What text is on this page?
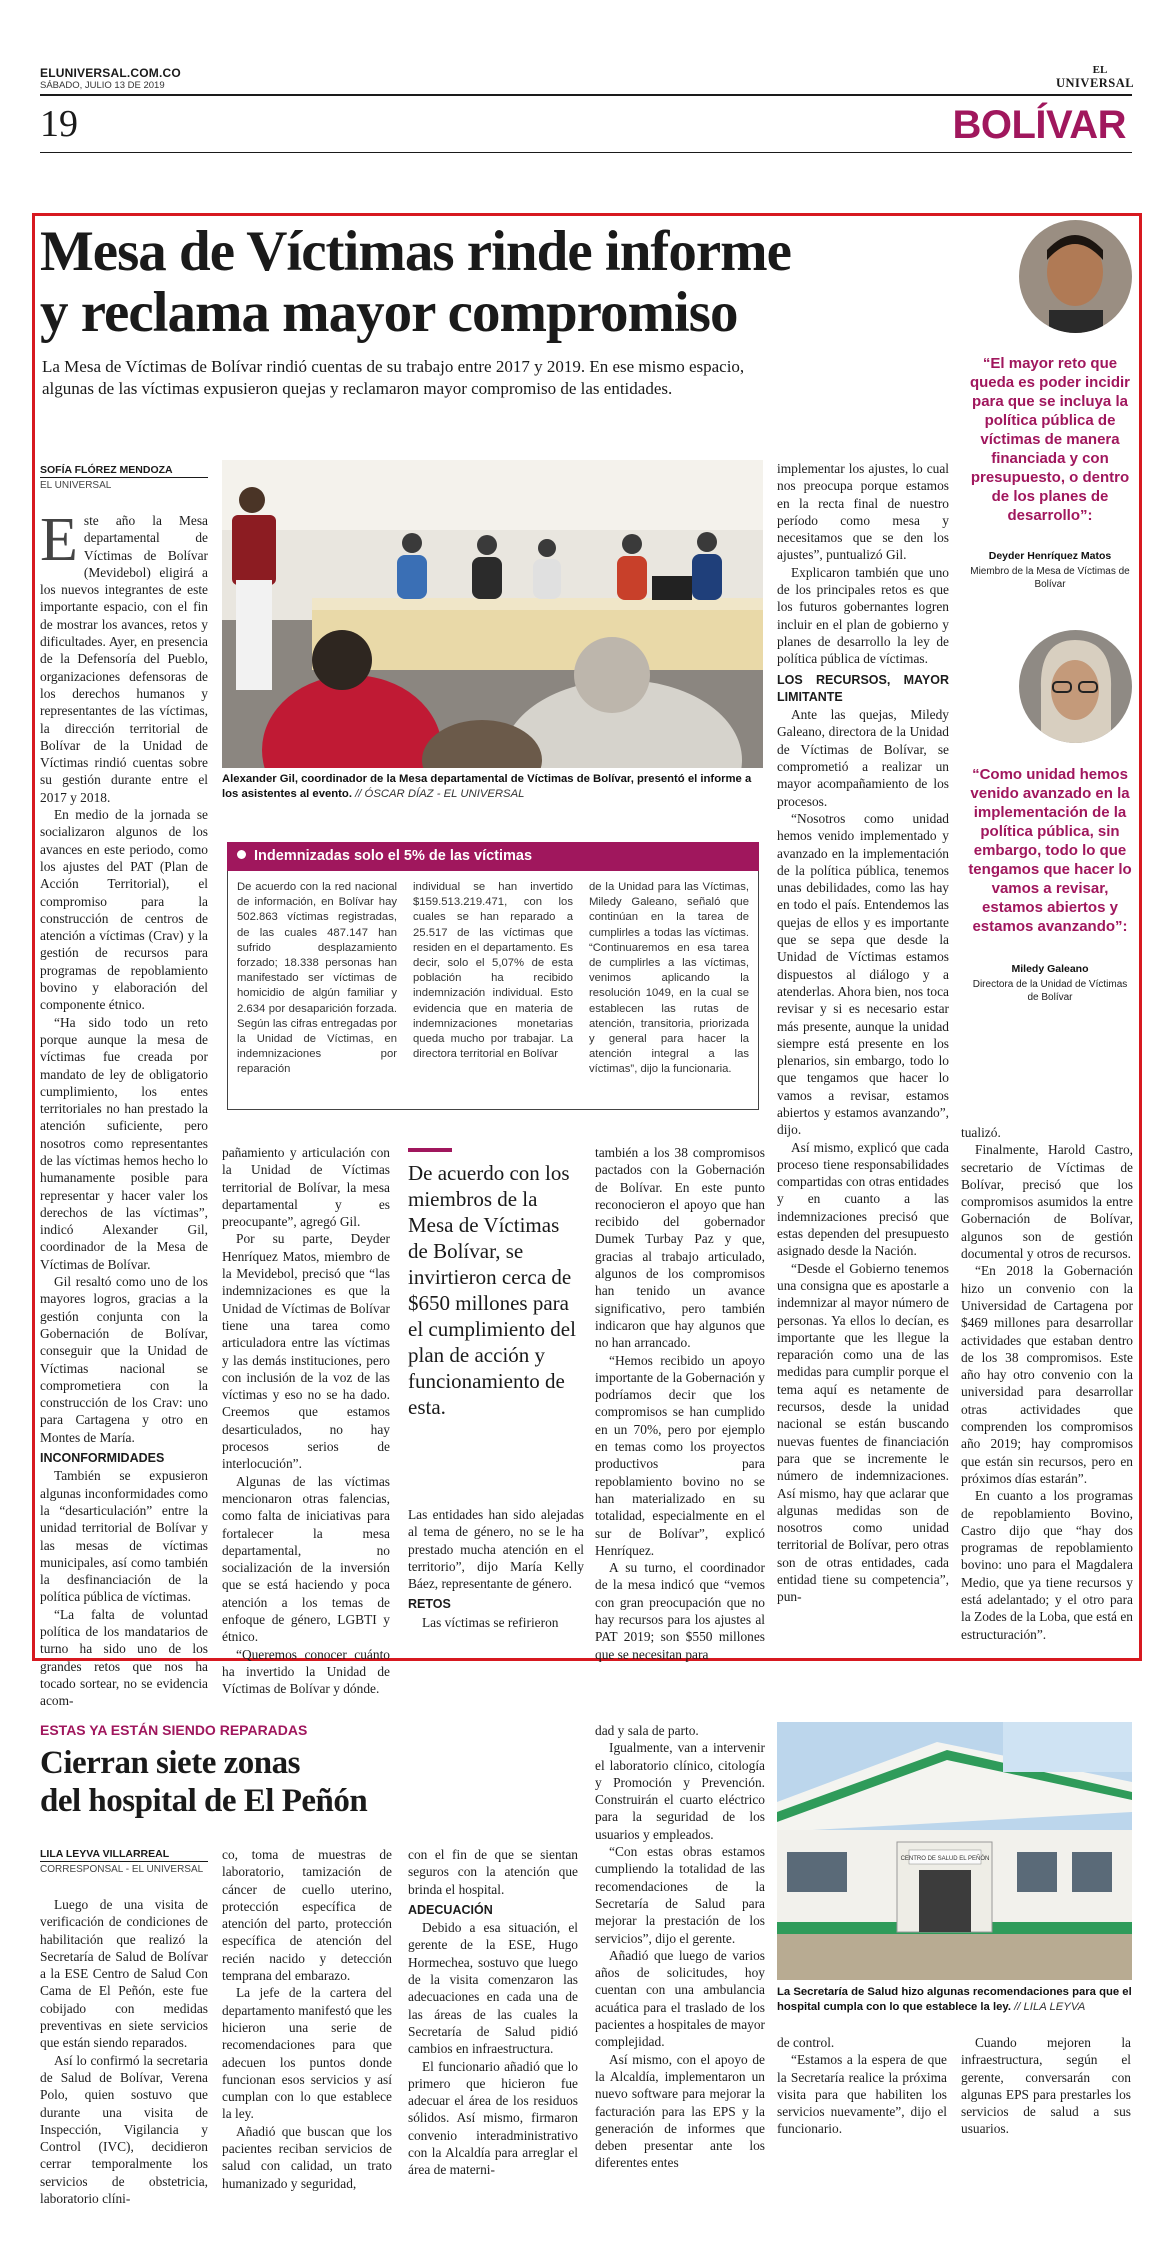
ELUNIVERSAL.COM.CO
SÁBADO, JULIO 13 DE 2019
EL
UNIVERSAL
19	BOLÍVAR
Mesa de Víctimas rinde informe
y reclama mayor compromiso
La Mesa de Víctimas de Bolívar rindió cuentas de su trabajo entre 2017 y 2019. En ese mismo espacio,
algunas de las víctimas expusieron quejas y reclamaron mayor compromiso de las entidades.
SOFÍA FLÓREZ MENDOZA
EL UNIVERSAL

Este año la Mesa departamental de Víctimas de Bolívar (Mevidebol) eligirá a los nuevos integrantes de este importante espacio, con el fin de mostrar los avances, retos y dificultades. Ayer, en presencia de la Defensoría del Pueblo, organizaciones defensoras de los derechos humanos y representantes de las víctimas, la dirección territorial de Bolívar de la Unidad de Víctimas rindió cuentas sobre su gestión durante entre el 2017 y 2018.

En medio de la jornada se socializaron algunos de los avances en este periodo, como los ajustes del PAT (Plan de Acción Territorial), el compromiso para la construcción de centros de atención a víctimas (Crav) y la gestión de recursos para programas de repoblamiento bovino y elaboración del componente étnico.

“Ha sido todo un reto porque aunque la mesa de víctimas fue creada por mandato de ley de obligatorio cumplimiento, los entes territoriales no han prestado la atención suficiente, pero nosotros como representantes de las víctimas hemos hecho lo humanamente posible para representar y hacer valer los derechos de las víctimas”, indicó Alexander Gil, coordinador de la Mesa de Víctimas de Bolívar.

Gil resaltó como uno de los mayores logros, gracias a la gestión conjunta con la Gobernación de Bolívar, conseguir que la Unidad de Víctimas nacional se comprometiera con la construcción de los Crav: uno para Cartagena y otro en Montes de María.

INCONFORMIDADES

También se expusieron algunas inconformidades como la “desarticulación” entre la unidad territorial de Bolívar y las mesas de víctimas municipales, así como también la desfinanciación de la política pública de víctimas.

“La falta de voluntad política de los mandatarios de turno ha sido uno de los grandes retos que nos ha tocado sortear, no se evidencia acom-

Alexander Gil, coordinador de la Mesa departamental de Víctimas de Bolívar, presentó el informe a los asistentes al evento. // ÓSCAR DÍAZ - EL UNIVERSAL
Indemnizadas solo el 5% de las víctimas
De acuerdo con la red nacional de información, en Bolívar hay 502.863 víctimas registradas, de las cuales 487.147 han sufrido desplazamiento forzado; 18.338 personas han manifestado ser víctimas de homicidio de algún familiar y 2.634 por desaparición forzada. Según las cifras entregadas por la Unidad de Víctimas, en indemnizaciones por reparación
individual se han invertido $159.513.219.471, con los cuales se han reparado a 25.517 de las víctimas que residen en el departamento. Es decir, solo el 5,07% de esta población ha recibido indemnización individual. Esto evidencia que en materia de indemnizaciones monetarias queda mucho por trabajar. La directora territorial en Bolívar
de la Unidad para las Víctimas, Miledy Galeano, señaló que continúan en la tarea de cumplirles a todas las víctimas. “Continuaremos en esa tarea de cumplirles a las víctimas, venimos aplicando la resolución 1049, en la cual se establecen las rutas de atención, transitoria, priorizada y general para hacer la atención integral a las víctimas”, dijo la funcionaria.

pañamiento y articulación con la Unidad de Víctimas territorial de Bolívar, la mesa departamental y es preocupante”, agregó Gil.

Por su parte, Deyder Henríquez Matos, miembro de la Mevidebol, precisó que “las indemnizaciones es que la Unidad de Víctimas de Bolívar tiene una tarea como articuladora entre las víctimas y las demás instituciones, pero con inclusión de la voz de las víctimas y eso no se ha dado. Creemos que estamos desarticulados, no hay procesos serios de interlocución”.

Algunas de las víctimas mencionaron otras falencias, como falta de iniciativas para fortalecer la mesa departamental, no socialización de la inversión que se está haciendo y poca atención a los temas de enfoque de género, LGBTI y étnico.

“Queremos conocer cuánto ha invertido la Unidad de Víctimas de Bolívar y dónde.

De acuerdo con los miembros de la Mesa de Víctimas de Bolívar, se invirtieron cerca de $650 millones para el cumplimiento del plan de acción y funcionamiento de esta.

Las entidades han sido alejadas al tema de género, no se le ha prestado mucha atención en el territorio”, dijo María Kelly Báez, representante de género.

RETOS

Las víctimas se refirieron

también a los 38 compromisos pactados con la Gobernación de Bolívar. En este punto reconocieron el apoyo que han recibido del gobernador Dumek Turbay Paz y que, gracias al trabajo articulado, algunos de los compromisos han tenido un avance significativo, pero también indicaron que hay algunos que no han arrancado.

“Hemos recibido un apoyo importante de la Gobernación y podríamos decir que los compromisos se han cumplido en un 70%, pero por ejemplo en temas como los proyectos productivos para repoblamiento bovino no se han materializado en su totalidad, especialmente en el sur de Bolívar”, explicó Henríquez.

A su turno, el coordinador de la mesa indicó que “vemos con gran preocupación que no hay recursos para los ajustes al PAT 2019; son $550 millones que se necesitan para

implementar los ajustes, lo cual nos preocupa porque estamos en la recta final de nuestro período como mesa y necesitamos que se den los ajustes”, puntualizó Gil.

Explicaron también que uno de los principales retos es que los futuros gobernantes logren incluir en el plan de gobierno y planes de desarrollo la ley de política pública de víctimas.

LOS RECURSOS, MAYOR LIMITANTE

Ante las quejas, Miledy Galeano, directora de la Unidad de Víctimas de Bolívar, se comprometió a realizar un mayor acompañamiento de los procesos.

“Nosotros como unidad hemos venido implementado y avanzado en la implementación de la política pública, tenemos unas debilidades, como las hay en todo el país. Entendemos las quejas de ellos y es importante que se sepa que desde la Unidad de Víctimas estamos dispuestos al diálogo y a atenderlas. Ahora bien, nos toca revisar y si es necesario estar más presente, aunque la unidad siempre está presente en los plenarios, sin embargo, todo lo que tengamos que hacer lo vamos a revisar, estamos abiertos y estamos avanzando”, dijo.

Así mismo, explicó que cada proceso tiene responsabilidades compartidas con otras entidades y en cuanto a las indemnizaciones precisó que estas dependen del presupuesto asignado desde la Nación.

“Desde el Gobierno tenemos una consigna que es apostarle a indemnizar al mayor número de personas. Ya ellos lo decían, es importante que les llegue la reparación como una de las medidas para cumplir porque el tema aquí es netamente de recursos, desde la unidad nacional se están buscando nuevas fuentes de financiación para que se incremente le número de indemnizaciones. Así mismo, hay que aclarar que algunas medidas son de nosotros como unidad territorial de Bolívar, pero otras son de otras entidades, cada entidad tiene su competencia”, pun-

“El mayor reto que queda es poder incidir para que se incluya la política pública de víctimas de manera financiada y con presupuesto, o dentro de los planes de desarrollo”:
Deyder Henríquez Matos
Miembro de la Mesa de Víctimas de Bolívar
“Como unidad hemos venido avanzado en la implementación de la política pública, sin embargo, todo lo que tengamos que hacer lo vamos a revisar, estamos abiertos y estamos avanzando”:
Miledy Galeano
Directora de la Unidad de Víctimas de Bolívar

tualizó.

Finalmente, Harold Castro, secretario de Víctimas de Bolívar, precisó que los compromisos asumidos la entre Gobernación de Bolívar, algunos son de gestión documental y otros de recursos.

“En 2018 la Gobernación hizo un convenio con la Universidad de Cartagena por $469 millones para desarrollar actividades que estaban dentro de los 38 compromisos. Este año hay otro convenio con la universidad para desarrollar otras actividades que comprenden los compromisos año 2019; hay compromisos que están sin recursos, pero en próximos días estarán”.

En cuanto a los programas de repoblamiento Bovino, Castro dijo que “hay dos programas de repoblamiento bovino: uno para el Magdalera Medio, que ya tiene recursos y está adelantado; y el otro para la Zodes de la Loba, que está en estructuración”.

ESTAS YA ESTÁN SIENDO REPARADAS
Cierran siete zonas
del hospital de El Peñón
LILA LEYVA VILLARREAL
CORRESPONSAL - EL UNIVERSAL

Luego de una visita de verificación de condiciones de habilitación que realizó la Secretaría de Salud de Bolívar a la ESE Centro de Salud Con Cama de El Peñón, este fue cobijado con medidas preventivas en siete servicios que están siendo reparados.

Así lo confirmó la secretaria de Salud de Bolívar, Verena Polo, quien sostuvo que durante una visita de Inspección, Vigilancia y Control (IVC), decidieron cerrar temporalmente los servicios de obstetricia, laboratorio clíni-

co, toma de muestras de laboratorio, tamización de cáncer de cuello uterino, protección específica de atención del parto, protección específica de atención del recién nacido y detección temprana del embarazo.

La jefe de la cartera del departamento manifestó que les hicieron una serie de recomendaciones para que adecuen los puntos donde funcionan esos servicios y así cumplan con lo que establece la ley.

Añadió que buscan que los pacientes reciban servicios de salud con calidad, un trato humanizado y seguridad,

con el fin de que se sientan seguros con la atención que brinda el hospital.

ADECUACIÓN

Debido a esa situación, el gerente de la ESE, Hugo Hormechea, sostuvo que luego de la visita comenzaron las adecuaciones en cada una de las áreas de las cuales la Secretaría de Salud pidió cambios en infraestructura.

El funcionario añadió que lo primero que hicieron fue adecuar el área de los residuos sólidos. Así mismo, firmaron convenio interadministrativo con la Alcaldía para arreglar el área de materni-

dad y sala de parto.

Igualmente, van a intervenir el laboratorio clínico, citología y Promoción y Prevención. Construirán el cuarto eléctrico para la seguridad de los usuarios y empleados.

“Con estas obras estamos cumpliendo la totalidad de las recomendaciones de la Secretaría de Salud para mejorar la prestación de los servicios”, dijo el gerente.

Añadió que luego de varios años de solicitudes, hoy cuentan con una ambulancia acuática para el traslado de los pacientes a hospitales de mayor complejidad.

Así mismo, con el apoyo de la Alcaldía, implementaron un nuevo software para mejorar la facturación para las EPS y la generación de informes que deben presentar ante los diferentes entes

CENTRO DE SALUD EL PEÑÓN
La Secretaría de Salud hizo algunas recomendaciones para que el hospital cumpla con lo que establece la ley. // LILA LEYVA

de control.

“Estamos a la espera de que la Secretaría realice la próxima visita para que habiliten los servicios nuevamente”, dijo el funcionario.

Cuando mejoren la infraestructura, según el gerente, conversarán con algunas EPS para prestarles los servicios de salud a sus usuarios.
